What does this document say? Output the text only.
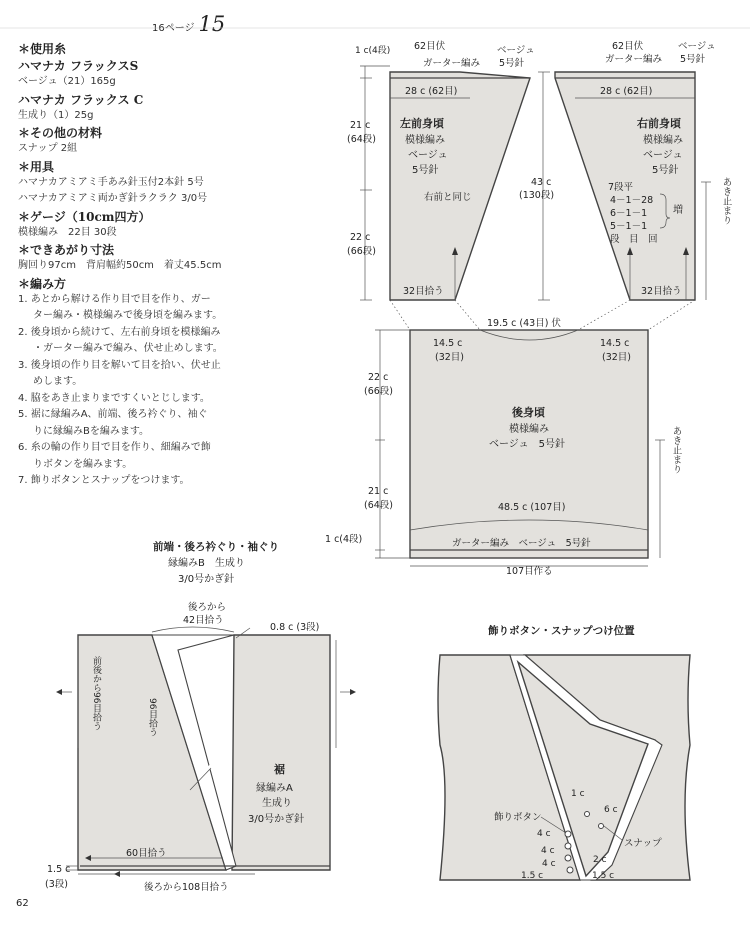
16ページ 15
＊使用糸
ハマナカ フラックスS
ベージュ（21）165g
ハマナカ フラックス C
生成り（1）25g
＊その他の材料
スナップ 2組
＊用具
ハマナカアミアミ手あみ針玉付2本針 5号
ハマナカアミアミ両かぎ針ラクラク 3/0号
＊ゲージ（10cm四方）
模様編み　22目 30段
＊できあがり寸法
胸回り97cm　背肩幅約50cm　着丈45.5cm
＊編み方
1. あとから解ける作り目で目を作り、ガー
ター編み・模様編みで後身頃を編みます。
2. 後身頃から続けて、左右前身頃を模様編み
・ガーター編みで編み、伏せ止めします。
3. 後身頃の作り目を解いて目を拾い、伏せ止
めします。
4. 脇をあき止まりまですくいとじします。
5. 裾に縁編みA、前端、後ろ衿ぐり、袖ぐ
りに縁編みBを編みます。
6. 糸の輪の作り目で目を作り、細編みで飾
りボタンを編みます。
7. 飾りボタンとスナップをつけます。
1 c(4段) 62目伏	ベージュ
ガーター編み 5号針
28 c (62目)
21 c
(64段)
22 c
(66段)
左前身頃
模様編み
ベージュ
5号針
右前と同じ
32目拾う
62目伏	ベージュ
ガーター編み 5号針
28 c (62目)
43 c
(130段)
右前身頃
模様編み
ベージュ
5号針
7段平
4－1－28
6－1－1
5－1－1
段　目　回
増	あき止まり
32目拾う
19.5 c (43目) 伏
14.5 c
(32目)
14.5 c
(32目)
22 c
(66段)
21 c
(64段)
1 c(4段)
後身頃
模様編み
ベージュ　5号針
48.5 c (107目)
ガーター編み　ベージュ　5号針
107目作る
あき止まり
前端・後ろ衿ぐり・袖ぐり
縁編みB　生成り
3/0号かぎ針
後ろから
42目拾う
0.8 c (3段)
前後から96目拾う	96目拾う
裾
縁編みA
生成り
3/0号かぎ針
60目拾う
1.5 c
(3段)	後ろから108目拾う
飾りボタン・スナップつけ位置
飾りボタン
スナップ
1 c
6 c
4 c
2 c
4 c
4 c
1.5 c	1.5 c
62
